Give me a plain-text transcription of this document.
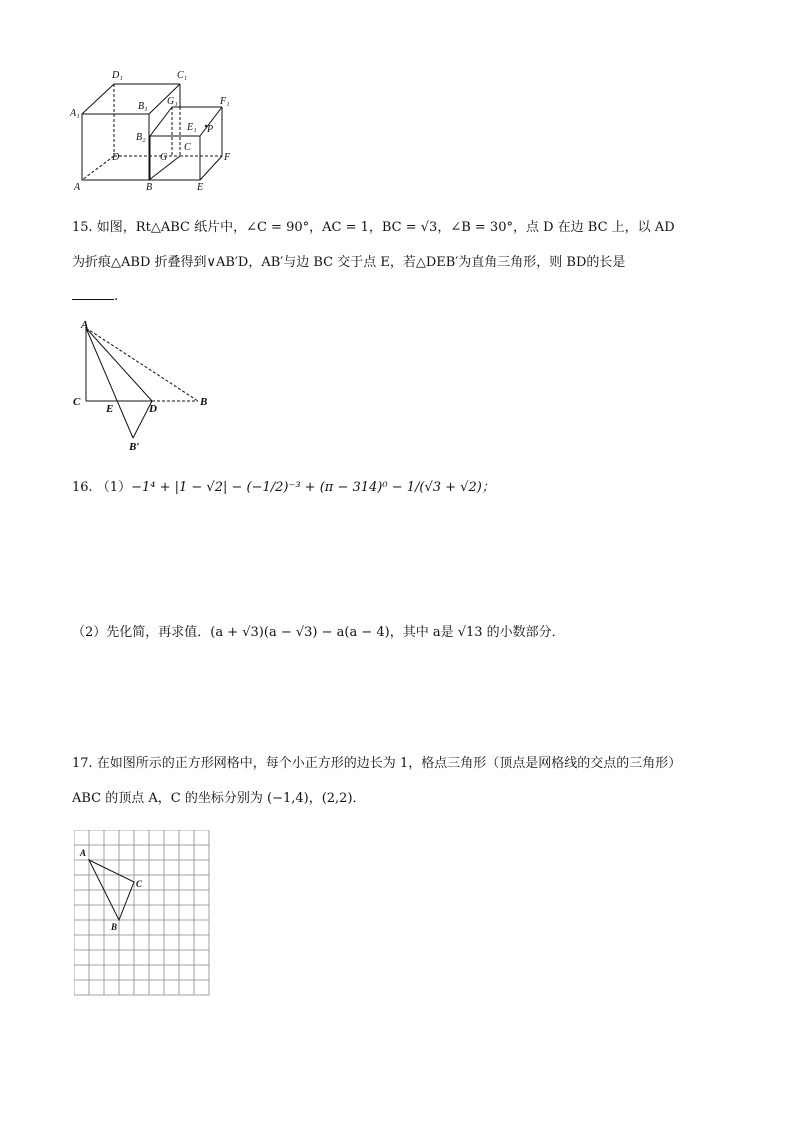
D₁	C₁
A₁
B₁ G₁	F₁
E₁ P
B₂
C
D	G	F
A	B	E
15. 如图，Rt△ABC 纸片中，∠C = 90°，AC = 1，BC = √3，∠B = 30°，点 D 在边 BC 上，以 AD
为折痕△ABD 折叠得到∨AB′D，AB′与边 BC 交于点 E，若△DEB′为直角三角形，则 BD的长是
.
A
C
E	D
B
B′
16. （1）−1⁴ + |1 − √2| − (−1/2)⁻³ + (π − 314)⁰ − 1/(√3 + √2)；
（2）先化简，再求值．(a + √3)(a − √3) − a(a − 4)，其中 a是 √13 的小数部分．
17. 在如图所示的正方形网格中，每个小正方形的边长为 1，格点三角形（顶点是网格线的交点的三角形）
ABC 的顶点 A，C 的坐标分别为 (−1,4)，(2,2)．
A
B
C
